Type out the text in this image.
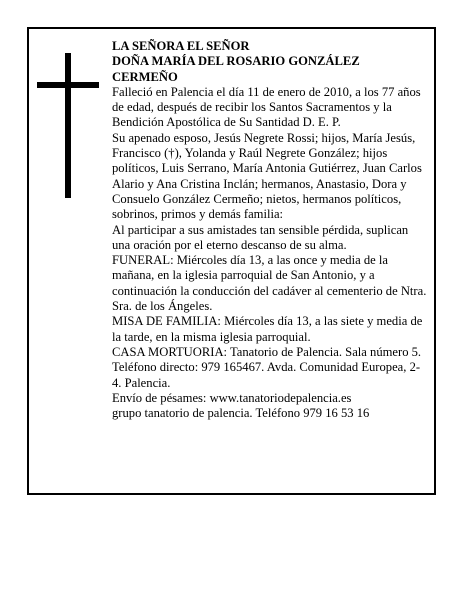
LA SEÑORA EL SEÑOR

DOÑA MARÍA DEL ROSARIO GONZÁLEZ CERMEÑO

Falleció en Palencia el día 11 de enero de 2010, a los 77 años de edad, después de recibir los Santos Sacramentos y la Bendición Apostólica de Su Santidad D. E. P.

Su apenado esposo, Jesús Negrete Rossi; hijos, María Jesús, Francisco (†), Yolanda y Raúl Negrete González; hijos políticos, Luis Serrano, María Antonia Gutiérrez, Juan Carlos Alario y Ana Cristina Inclán; hermanos, Anastasio, Dora y Consuelo González Cermeño; nietos, hermanos políticos, sobrinos, primos y demás familia:

Al participar a sus amistades tan sensible pérdida, suplican una oración por el eterno descanso de su alma.

FUNERAL: Miércoles día 13, a las once y media de la mañana, en la iglesia parroquial de San Antonio, y a continuación la conducción del cadáver al cementerio de Ntra. Sra. de los Ángeles.

MISA DE FAMILIA: Miércoles día 13, a las siete y media de la tarde, en la misma iglesia parroquial.

CASA MORTUORIA: Tanatorio de Palencia. Sala número 5. Teléfono directo: 979 165467. Avda. Comunidad Europea, 2-4. Palencia.

Envío de pésames: www.tanatoriodepalencia.es

grupo tanatorio de palencia. Teléfono 979 16 53 16
